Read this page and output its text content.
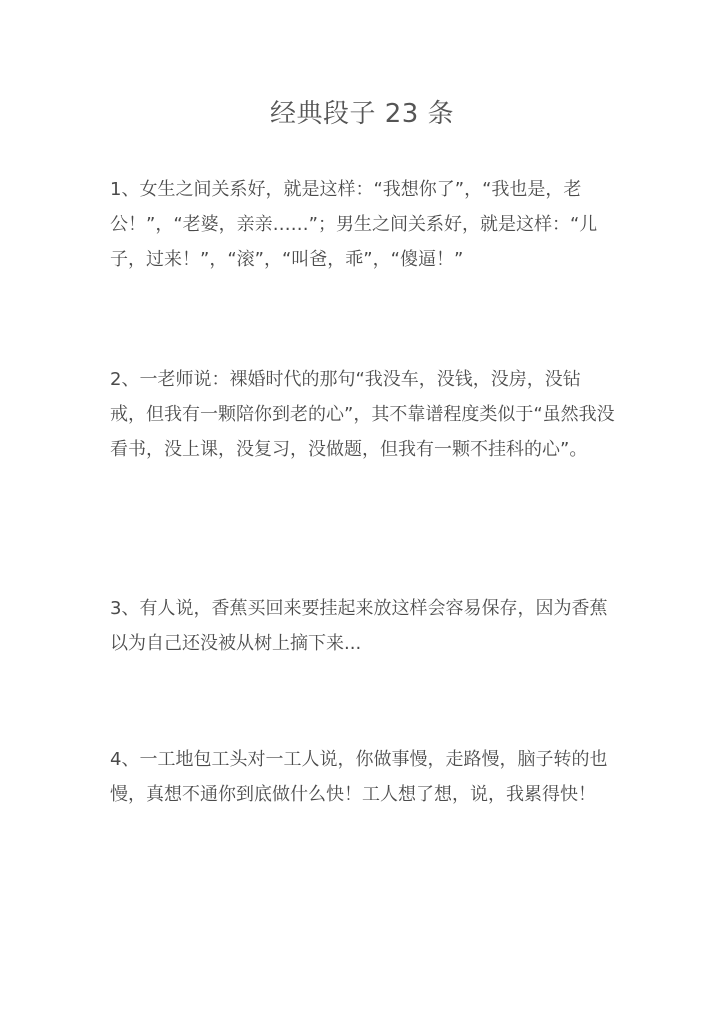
经典段子 23 条

1、女生之间关系好，就是这样：“我想你了”，“我也是，老公！”，“老婆，亲亲……”；男生之间关系好，就是这样：“儿子，过来！”，“滚”，“叫爸，乖”，“傻逼！”

2、一老师说：裸婚时代的那句“我没车，没钱，没房，没钻戒，但我有一颗陪你到老的心”，其不靠谱程度类似于“虽然我没看书，没上课，没复习，没做题，但我有一颗不挂科的心”。

3、有人说，香蕉买回来要挂起来放这样会容易保存，因为香蕉以为自己还没被从树上摘下来...

4、一工地包工头对一工人说，你做事慢，走路慢，脑子转的也慢，真想不通你到底做什么快！工人想了想，说，我累得快！
